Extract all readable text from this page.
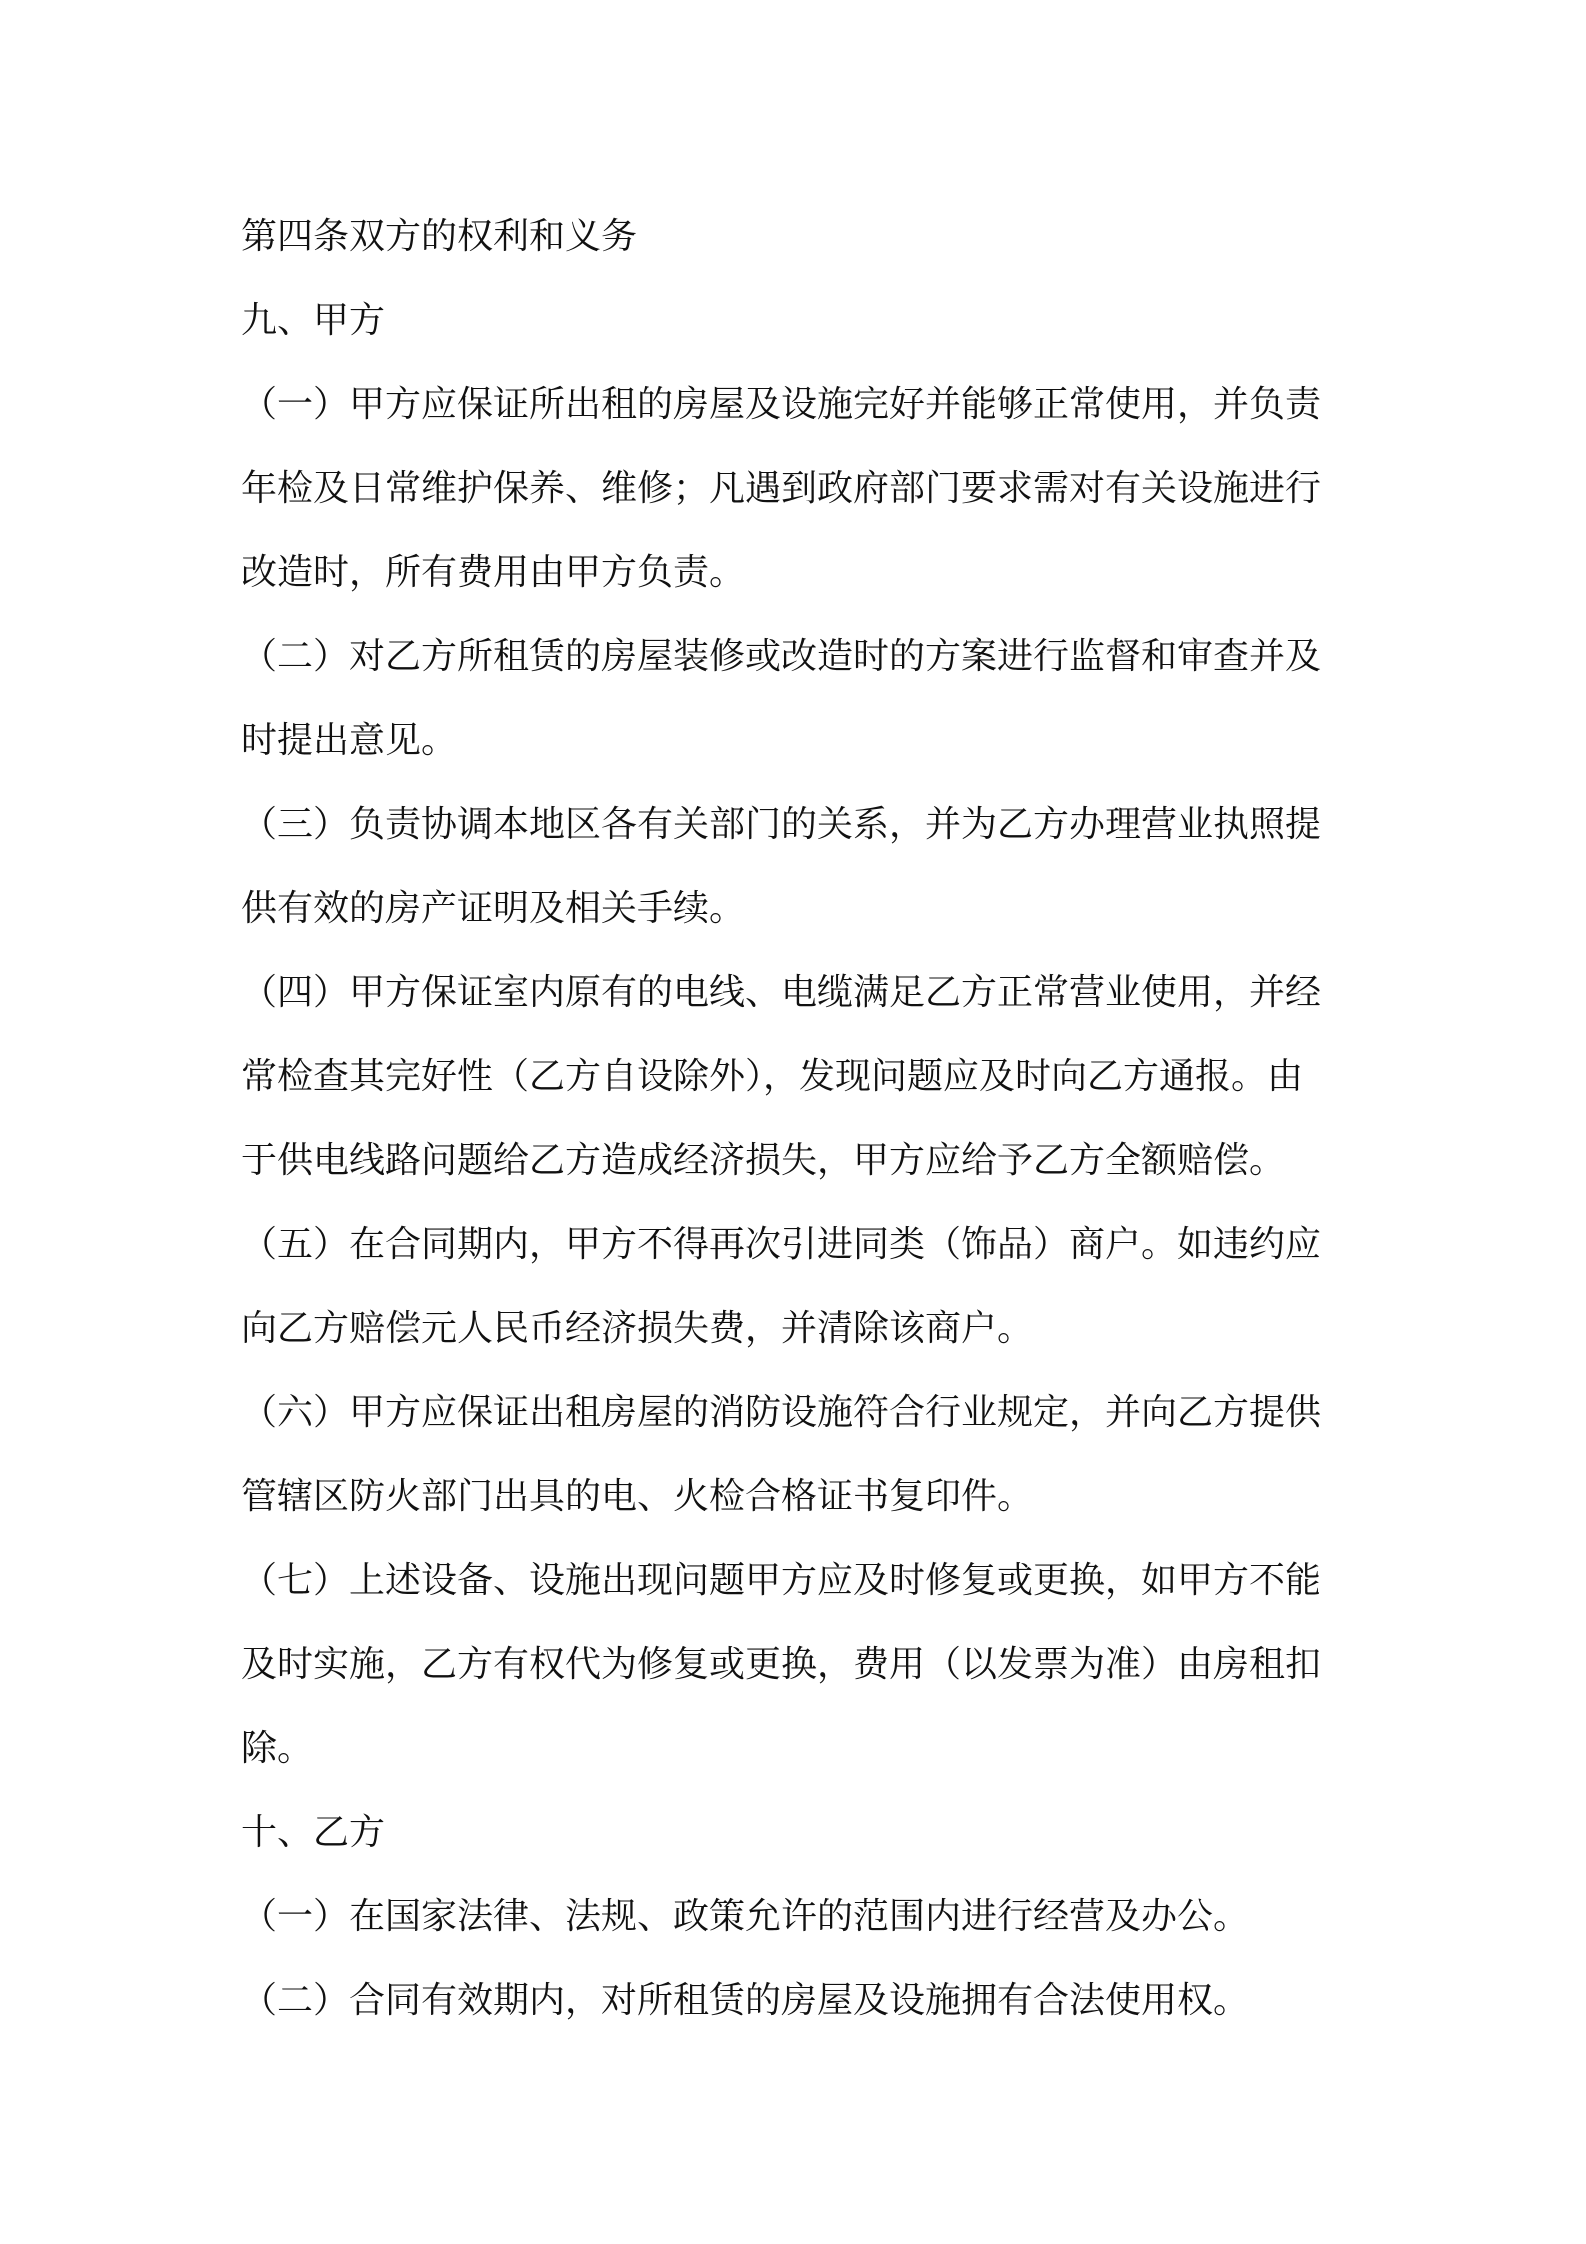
第四条双方的权利和义务
九、甲方
（一）甲方应保证所出租的房屋及设施完好并能够正常使用，并负责
年检及日常维护保养、维修；凡遇到政府部门要求需对有关设施进行
改造时，所有费用由甲方负责。
（二）对乙方所租赁的房屋装修或改造时的方案进行监督和审查并及
时提出意见。
（三）负责协调本地区各有关部门的关系，并为乙方办理营业执照提
供有效的房产证明及相关手续。
（四）甲方保证室内原有的电线、电缆满足乙方正常营业使用，并经
常检查其完好性（乙方自设除外），发现问题应及时向乙方通报。由
于供电线路问题给乙方造成经济损失，甲方应给予乙方全额赔偿。
（五）在合同期内，甲方不得再次引进同类（饰品）商户。如违约应
向乙方赔偿元人民币经济损失费，并清除该商户。
（六）甲方应保证出租房屋的消防设施符合行业规定，并向乙方提供
管辖区防火部门出具的电、火检合格证书复印件。
（七）上述设备、设施出现问题甲方应及时修复或更换，如甲方不能
及时实施，乙方有权代为修复或更换，费用（以发票为准）由房租扣
除。
十、乙方
（一）在国家法律、法规、政策允许的范围内进行经营及办公。
（二）合同有效期内，对所租赁的房屋及设施拥有合法使用权。
